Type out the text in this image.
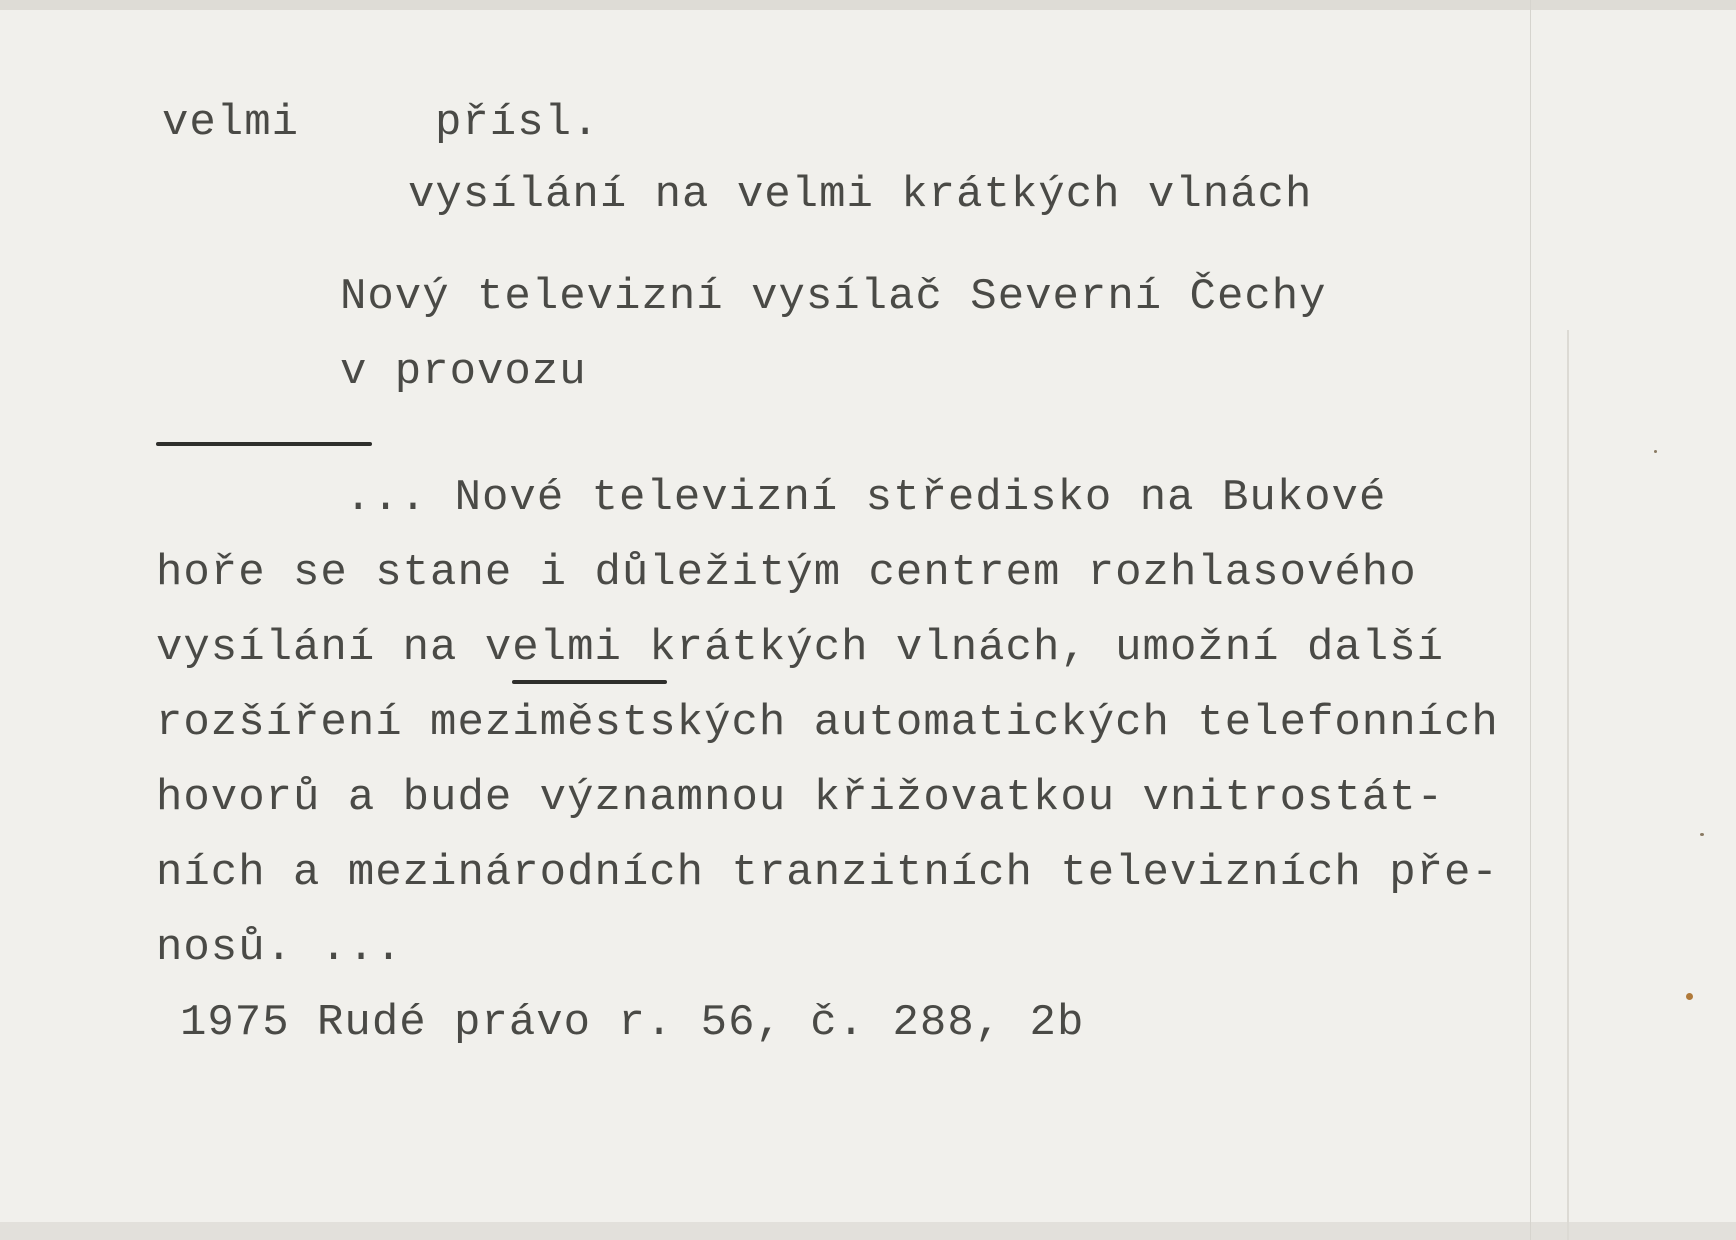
velmi	přísl.

vysílání na velmi krátkých vlnách

Nový televizní vysílač Severní Čechy

v provozu

... Nové televizní středisko na Bukové

hoře se stane i důležitým centrem rozhlasového

vysílání na velmi krátkých vlnách, umožní další

rozšíření meziměstských automatických telefonních

hovorů a bude významnou křižovatkou vnitrostát-

ních a mezinárodních tranzitních televizních pře-

nosů. ...

1975 Rudé právo r. 56, č. 288, 2b
